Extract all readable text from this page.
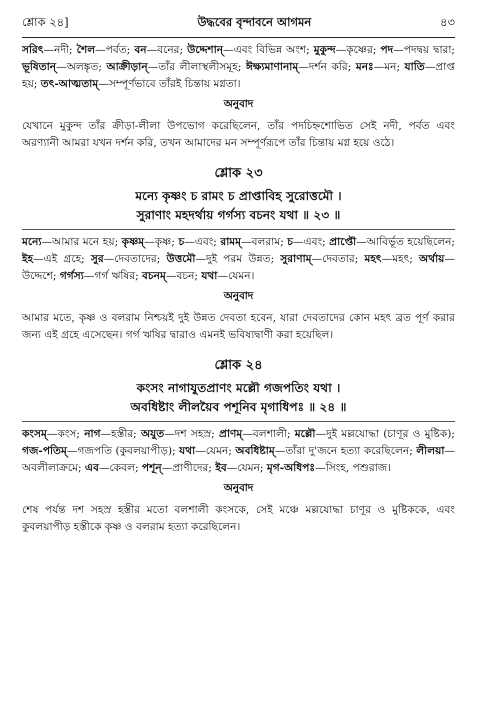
শ্লোক ২৪]	উদ্ধবের বৃন্দাবনে আগমন	৪৩

সরিৎ—নদী; শৈল—পর্বত; বন—বনের; উদ্দেশান্—এবং বিভিন্ন অংশ; মুকুন্দ—কৃষ্ণের; পদ—পদদ্বয় দ্বারা; ভূষিতান্—অলঙ্কৃত; আক্রীড়ান্—তাঁর লীলাস্থলীসমূহ; ঈক্ষ্যমাণানাম্—দর্শন করি; মনঃ—মন; যাতি—প্রাপ্ত হয়; তৎ-আত্মতাম্—সম্পূর্ণভাবে তাঁরই চিন্তায় মগ্নতা।

অনুবাদ

যেখানে মুকুন্দ তাঁর ক্রীড়া-লীলা উপভোগ করেছিলেন, তাঁর পদচিহ্নশোভিত সেই নদী, পর্বত এবং অরণ্যানী আমরা যখন দর্শন করি, তখন আমাদের মন সম্পূর্ণরূপে তাঁর চিন্তায় মগ্ন হয়ে ওঠে।

শ্লোক ২৩
মন্যে কৃষ্ণং চ রামং চ প্রাপ্তাবিহ সুরোত্তমৌ ।
সুরাণাং মহদর্থায় গর্গস্য বচনং যথা ॥ ২৩ ॥

মন্যে—আমার মনে হয়; কৃষ্ণম্—কৃষ্ণ; চ—এবং; রামম্—বলরাম; চ—এবং; প্রাপ্তৌ—আবির্ভূত হয়েছিলেন; ইহ—এই গ্রহে; সুর—দেবতাদের; উত্তমৌ—দুই পরম উন্নত; সুরাণাম্—দেবতার; মহৎ—মহৎ; অর্থায়—উদ্দেশে; গর্গস্য—গর্গ ঋষির; বচনম্—বচন; যথা—যেমন।

অনুবাদ

আমার মতে, কৃষ্ণ ও বলরাম নিশ্চয়ই দুই উন্নত দেবতা হবেন, যারা দেবতাদের কোন মহৎ ব্রত পূর্ণ করার জন্য এই গ্রহে এসেছেন। গর্গ ঋষির দ্বারাও এমনই ভবিষ্যদ্বাণী করা হয়েছিল।

শ্লোক ২৪
কংসং নাগাযুতপ্রাণং মল্লৌ গজপতিং যথা ।
অবধিষ্টাং লীলয়ৈব পশূনিব মৃগাধিপঃ ॥ ২৪ ॥

কংসম্—কংস; নাগ—হস্তীর; অযুত—দশ সহস্র; প্রাণম্—বলশালী; মল্লৌ—দুই মল্লযোদ্ধা (চাণূর ও মুষ্টিক); গজ-পতিম্—গজপতি (কুবলয়াপীড়); যথা—যেমন; অবধিষ্টাম্—তাঁরা দু'জনে হত্যা করেছিলেন; লীলয়া—অবলীলাক্রমে; এব—কেবল; পশূন্—প্রাণীদের; ইব—যেমন; মৃগ-অধিপঃ—সিংহ, পশুরাজ।

অনুবাদ

শেষ পর্যন্ত দশ সহস্র হস্তীর মতো বলশালী কংসকে, সেই মঞ্চে মল্লযোদ্ধা চাণূর ও মুষ্টিককে, এবং কুবলয়াপীড় হস্তীকে কৃষ্ণ ও বলরাম হত্যা করেছিলেন।
